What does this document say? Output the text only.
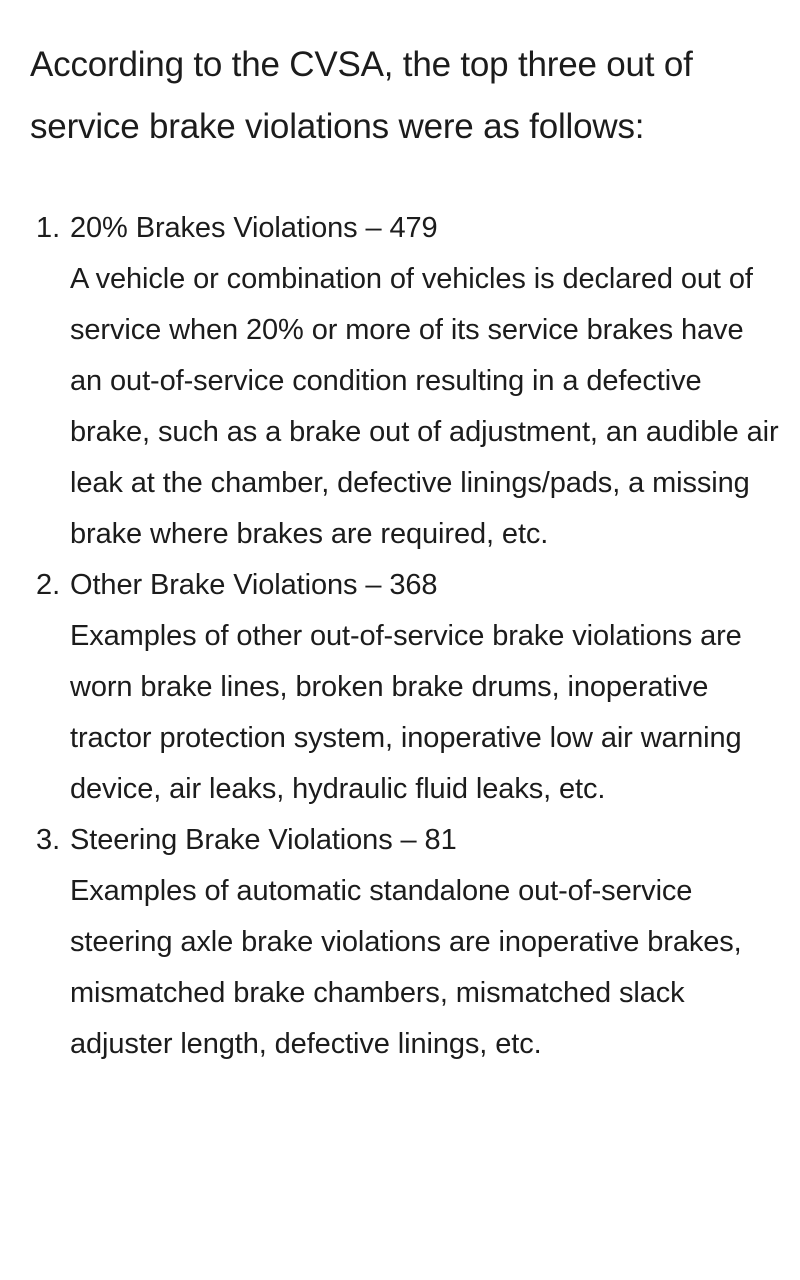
According to the CVSA, the top three out of service brake violations were as follows:

1. 20% Brakes Violations – 479
A vehicle or combination of vehicles is declared out of service when 20% or more of its service brakes have an out-of-service condition resulting in a defective brake, such as a brake out of adjustment, an audible air leak at the chamber, defective linings/pads, a missing brake where brakes are required, etc.
2. Other Brake Violations – 368
Examples of other out-of-service brake violations are worn brake lines, broken brake drums, inoperative tractor protection system, inoperative low air warning device, air leaks, hydraulic fluid leaks, etc.
3. Steering Brake Violations – 81
Examples of automatic standalone out-of-service steering axle brake violations are inoperative brakes, mismatched brake chambers, mismatched slack adjuster length, defective linings, etc.
